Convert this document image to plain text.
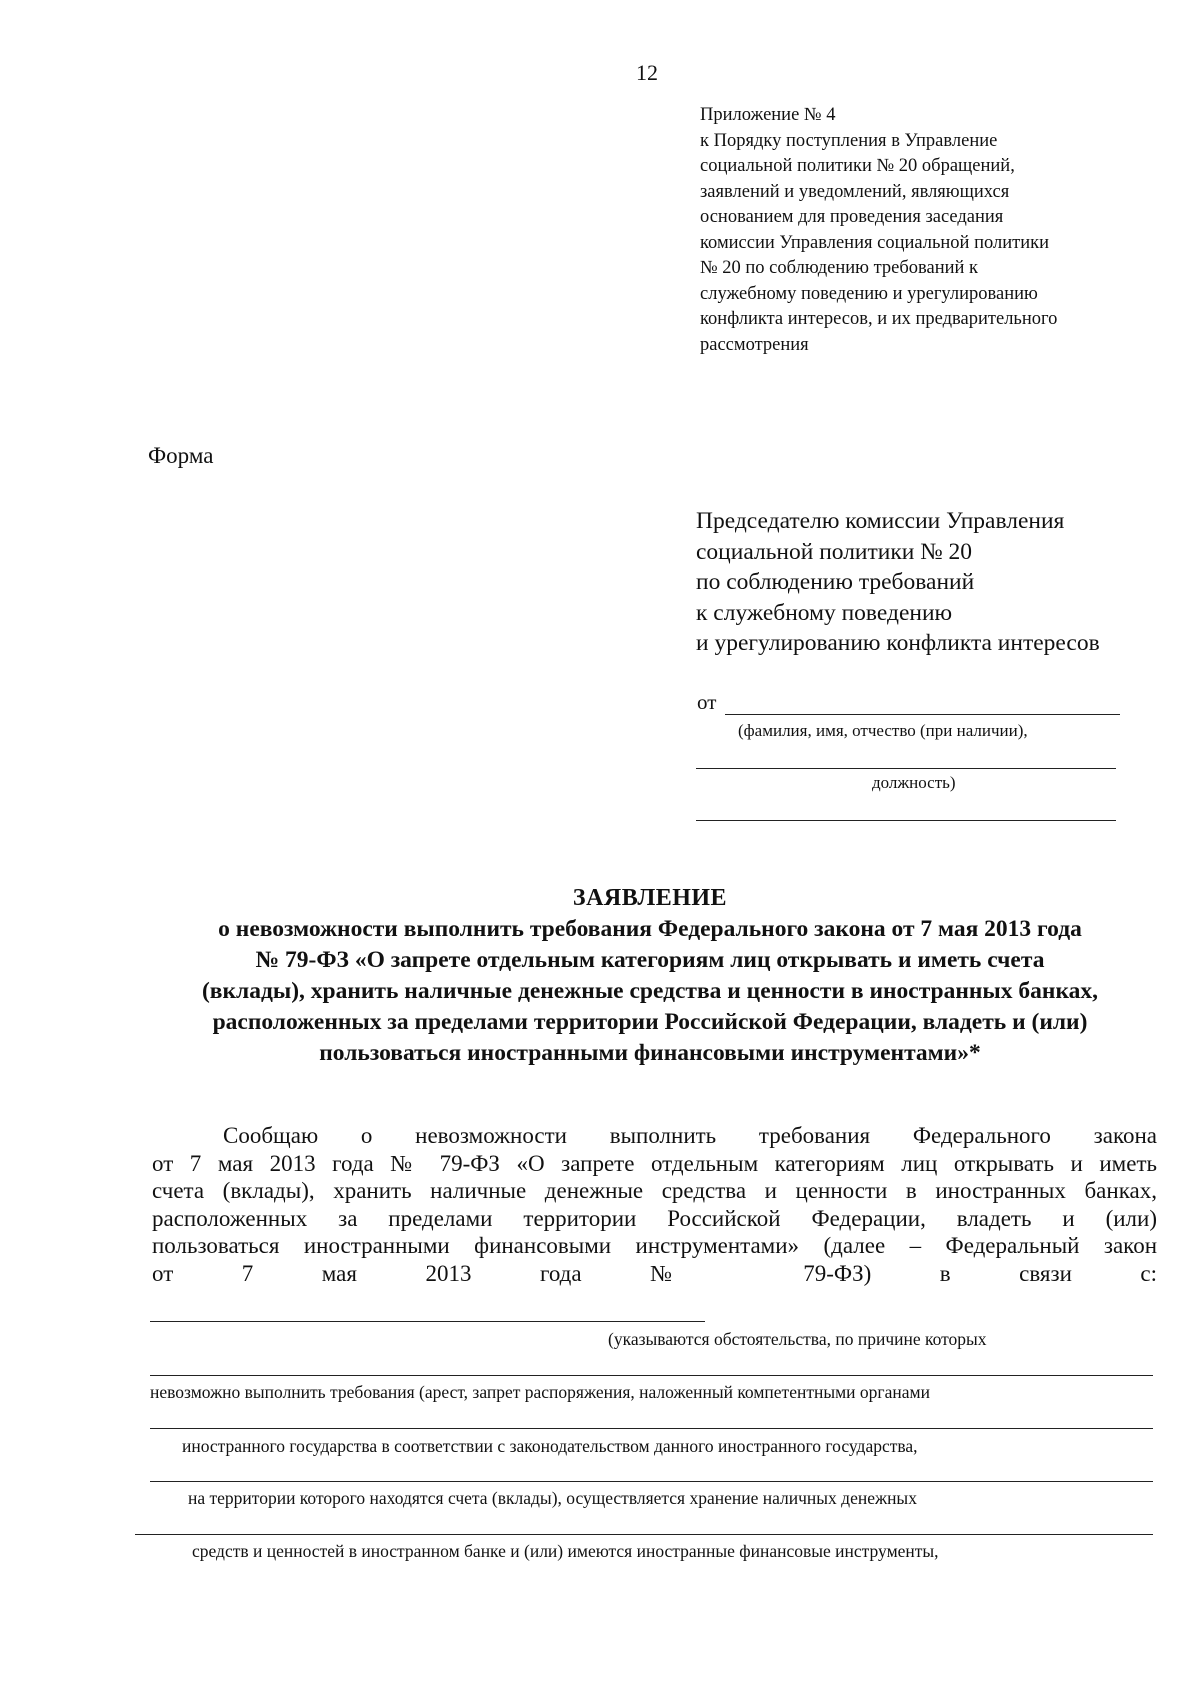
12
Приложение № 4
к Порядку поступления в Управление
социальной политики № 20 обращений,
заявлений и уведомлений, являющихся
основанием для проведения заседания
комиссии Управления социальной политики
№ 20 по соблюдению требований к
служебному поведению и урегулированию
конфликта интересов, и их предварительного
рассмотрения
Форма
Председателю комиссии Управления
социальной политики № 20
по соблюдению требований
к служебному поведению
и урегулированию конфликта интересов
от
(фамилия, имя, отчество (при наличии),
должность)
ЗАЯВЛЕНИЕ
о невозможности выполнить требования Федерального закона от 7 мая 2013 года
№ 79-ФЗ «О запрете отдельным категориям лиц открывать и иметь счета
(вклады), хранить наличные денежные средства и ценности в иностранных банках,
расположенных за пределами территории Российской Федерации, владеть и (или)
пользоваться иностранными финансовыми инструментами»*
Сообщаю о невозможности выполнить требования Федерального закона
от 7 мая 2013 года № 79-ФЗ «О запрете отдельным категориям лиц открывать и иметь
счета (вклады), хранить наличные денежные средства и ценности в иностранных банках,
расположенных за пределами территории Российской Федерации, владеть и (или)
пользоваться иностранными финансовыми инструментами» (далее – Федеральный закон
от 7 мая 2013 года № 79-ФЗ) в связи с:
(указываются обстоятельства, по причине которых
невозможно выполнить требования (арест, запрет распоряжения, наложенный компетентными органами
иностранного государства в соответствии с законодательством данного иностранного государства,
на территории которого находятся счета (вклады), осуществляется хранение наличных денежных
средств и ценностей в иностранном банке и (или) имеются иностранные финансовые инструменты,
